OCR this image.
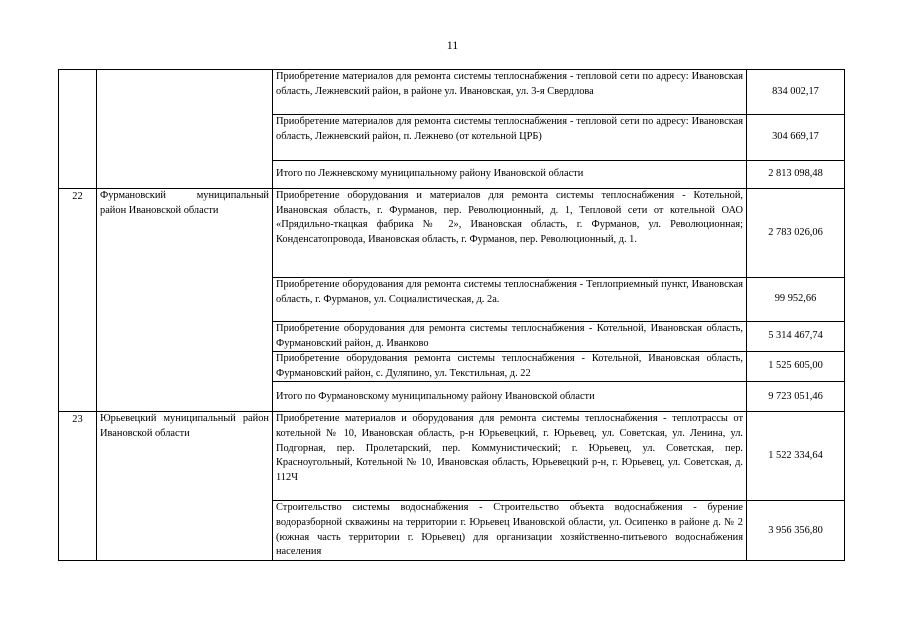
11
		Приобретение материалов для ремонта системы теплоснабжения - тепловой сети по адресу: Ивановская область, Лежневский район, в районе ул. Ивановская, ул. 3-я Свердлова	834 002,17
		Приобретение материалов для ремонта системы теплоснабжения - тепловой сети по адресу: Ивановская область, Лежневский район, п. Лежнево (от котельной ЦРБ)	304 669,17
		Итого по Лежневскому муниципальному району Ивановской области	2 813 098,48
22	Фурмановский муниципальный район Ивановской области	Приобретение оборудования и материалов для ремонта системы теплоснабжения - Котельной, Ивановская область, г. Фурманов, пер. Революционный, д. 1, Тепловой сети от котельной ОАО «Прядильно-ткацкая фабрика № 2», Ивановская область, г. Фурманов, ул. Революционная; Конденсатопровода, Ивановская область, г. Фурманов, пер. Революционный, д. 1.	2 783 026,06
		Приобретение оборудования для ремонта системы теплоснабжения - Теплоприемный пункт, Ивановская область, г. Фурманов, ул. Социалистическая, д. 2а.	99 952,66
		Приобретение оборудования для ремонта системы теплоснабжения - Котельной, Ивановская область, Фурмановский район, д. Иванково	5 314 467,74
		Приобретение оборудования ремонта системы теплоснабжения - Котельной, Ивановская область, Фурмановский район, с. Дуляпино, ул. Текстильная, д. 22	1 525 605,00
		Итого по Фурмановскому муниципальному району Ивановской области	9 723 051,46
23	Юрьевецкий муниципальный район Ивановской области	Приобретение материалов и оборудования для ремонта системы теплоснабжения - теплотрассы от котельной № 10, Ивановская область, р-н Юрьевецкий, г. Юрьевец, ул. Советская, ул. Ленина, ул. Подгорная, пер. Пролетарский, пер. Коммунистический; г. Юрьевец, ул. Советская, пер. Красноугольный, Котельной № 10, Ивановская область, Юрьевецкий р-н, г. Юрьевец, ул. Советская, д. 112Ч	1 522 334,64
		Строительство системы водоснабжения - Строительство объекта водоснабжения - бурение водоразборной скважины на территории г. Юрьевец Ивановской области, ул. Осипенко в районе д. № 2 (южная часть территории г. Юрьевец) для организации хозяйственно-питьевого водоснабжения населения	3 956 356,80
